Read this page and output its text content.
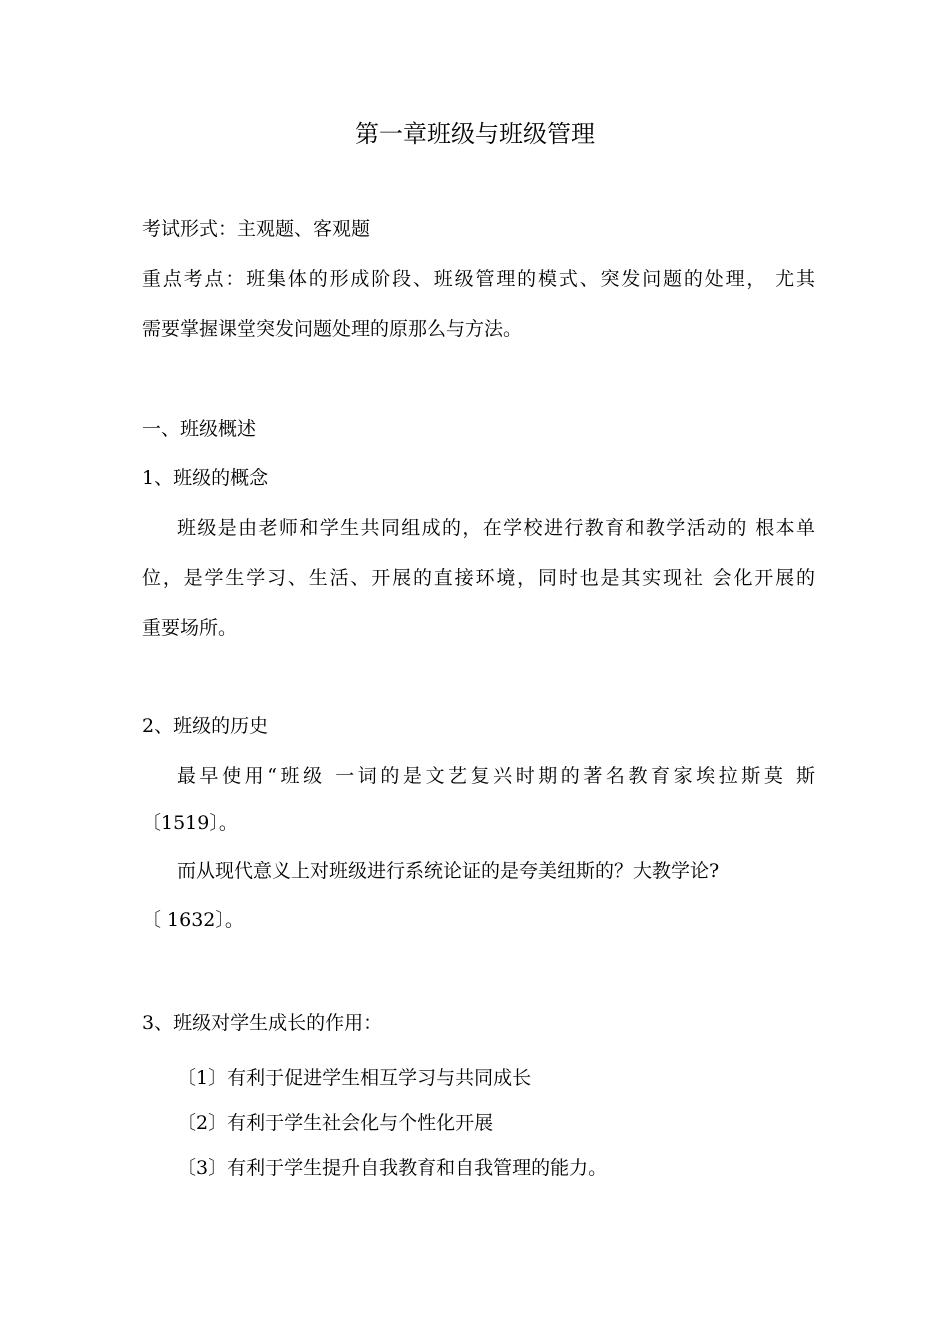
第一章班级与班级管理
考试形式：主观题、客观题
重点考点：班集体的形成阶段、班级管理的模式、突发问题的处理， 尤其
需要掌握课堂突发问题处理的原那么与方法。
一、班级概述
1、班级的概念
班级是由老师和学生共同组成的，在学校进行教育和教学活动的 根本单
位，是学生学习、生活、开展的直接环境，同时也是其实现社 会化开展的
重要场所。
2、班级的历史
最早使用“班级 一词的是文艺复兴时期的著名教育家埃拉斯莫 斯
〔1519〕。
而从现代意义上对班级进行系统论证的是夸美纽斯的？大教学论?
〔 1632〕。
3、班级对学生成长的作用：
〔1〕有利于促进学生相互学习与共同成长
〔2〕有利于学生社会化与个性化开展
〔3〕有利于学生提升自我教育和自我管理的能力。
